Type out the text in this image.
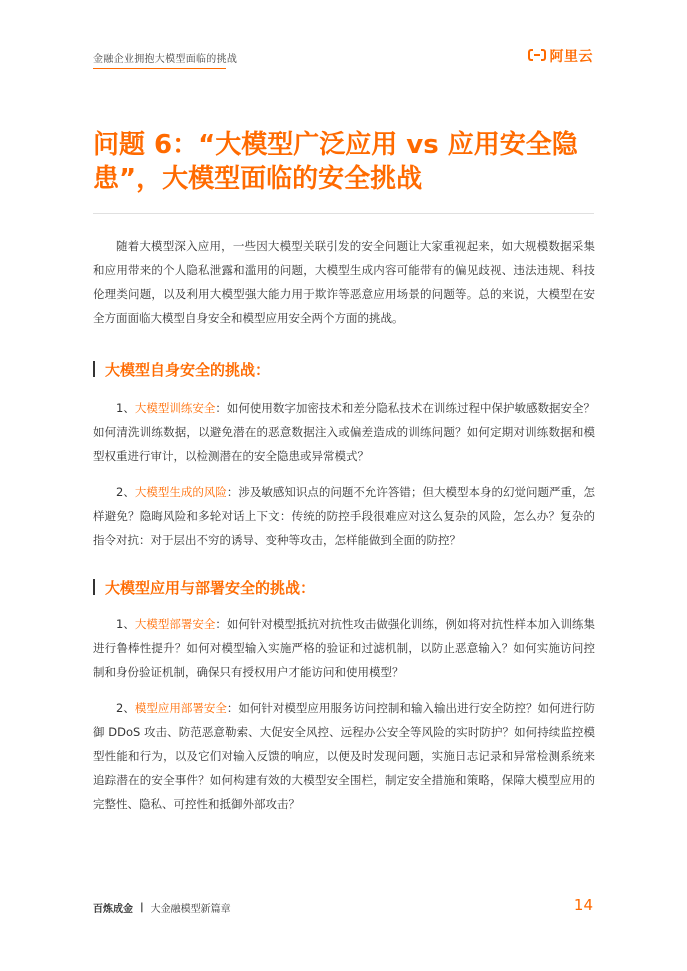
金融企业拥抱大模型面临的挑战	阿里云
问题 6：“大模型广泛应用 vs 应用安全隐患”，大模型面临的安全挑战

随着大模型深入应用，一些因大模型关联引发的安全问题让大家重视起来，如大规模数据采集和应用带来的个人隐私泄露和滥用的问题，大模型生成内容可能带有的偏见歧视、违法违规、科技伦理类问题，以及利用大模型强大能力用于欺诈等恶意应用场景的问题等。总的来说，大模型在安全方面面临大模型自身安全和模型应用安全两个方面的挑战。

大模型自身安全的挑战：

1、大模型训练安全：如何使用数字加密技术和差分隐私技术在训练过程中保护敏感数据安全？如何清洗训练数据，以避免潜在的恶意数据注入或偏差造成的训练问题？如何定期对训练数据和模型权重进行审计，以检测潜在的安全隐患或异常模式？

2、大模型生成的风险：涉及敏感知识点的问题不允许答错；但大模型本身的幻觉问题严重，怎样避免？隐晦风险和多轮对话上下文：传统的防控手段很难应对这么复杂的风险，怎么办？复杂的指令对抗：对于层出不穷的诱导、变种等攻击，怎样能做到全面的防控？

大模型应用与部署安全的挑战：

1、大模型部署安全：如何针对模型抵抗对抗性攻击做强化训练，例如将对抗性样本加入训练集进行鲁棒性提升？如何对模型输入实施严格的验证和过滤机制，以防止恶意输入？如何实施访问控制和身份验证机制，确保只有授权用户才能访问和使用模型？

2、模型应用部署安全：如何针对模型应用服务访问控制和输入输出进行安全防控？如何进行防御 DDoS 攻击、防范恶意勒索、大促安全风控、远程办公安全等风险的实时防护？如何持续监控模型性能和行为，以及它们对输入反馈的响应，以便及时发现问题，实施日志记录和异常检测系统来追踪潜在的安全事件？如何构建有效的大模型安全围栏，制定安全措施和策略，保障大模型应用的完整性、隐私、可控性和抵御外部攻击？

百炼成金 | 大金融模型新篇章	14
